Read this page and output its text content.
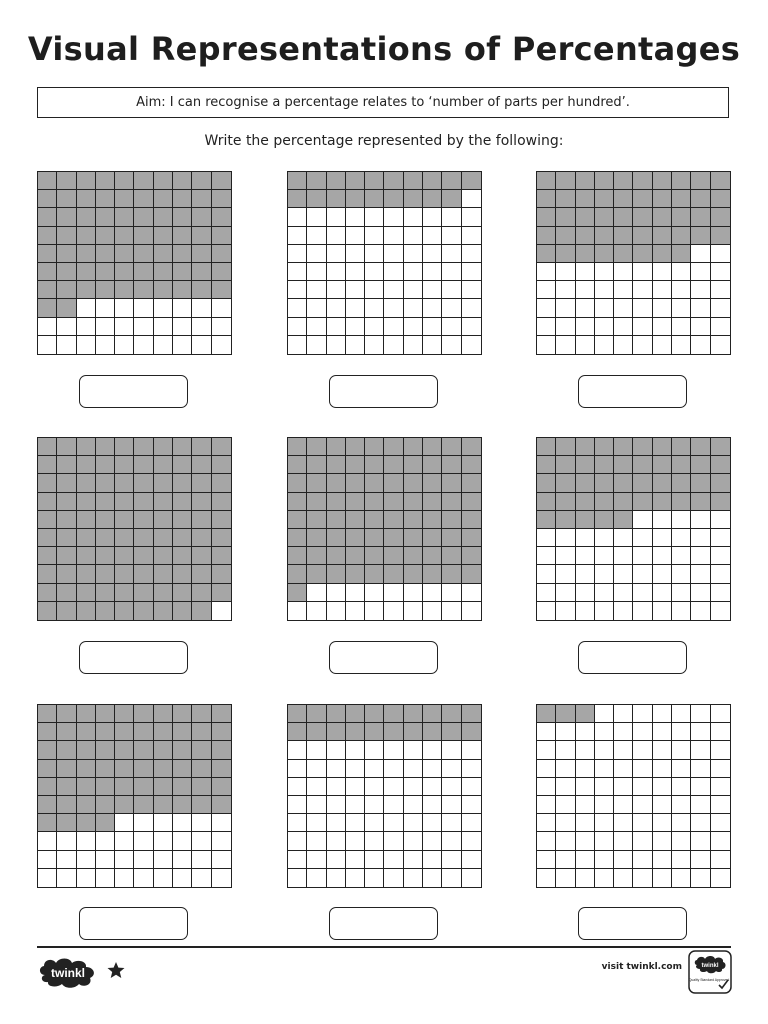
Visual Representations of Percentages
Aim: I can recognise a percentage relates to ‘number of parts per hundred’.
Write the percentage represented by the following:
twinkl	visit twinkl.com	twinkl
Quality Standard Approved
